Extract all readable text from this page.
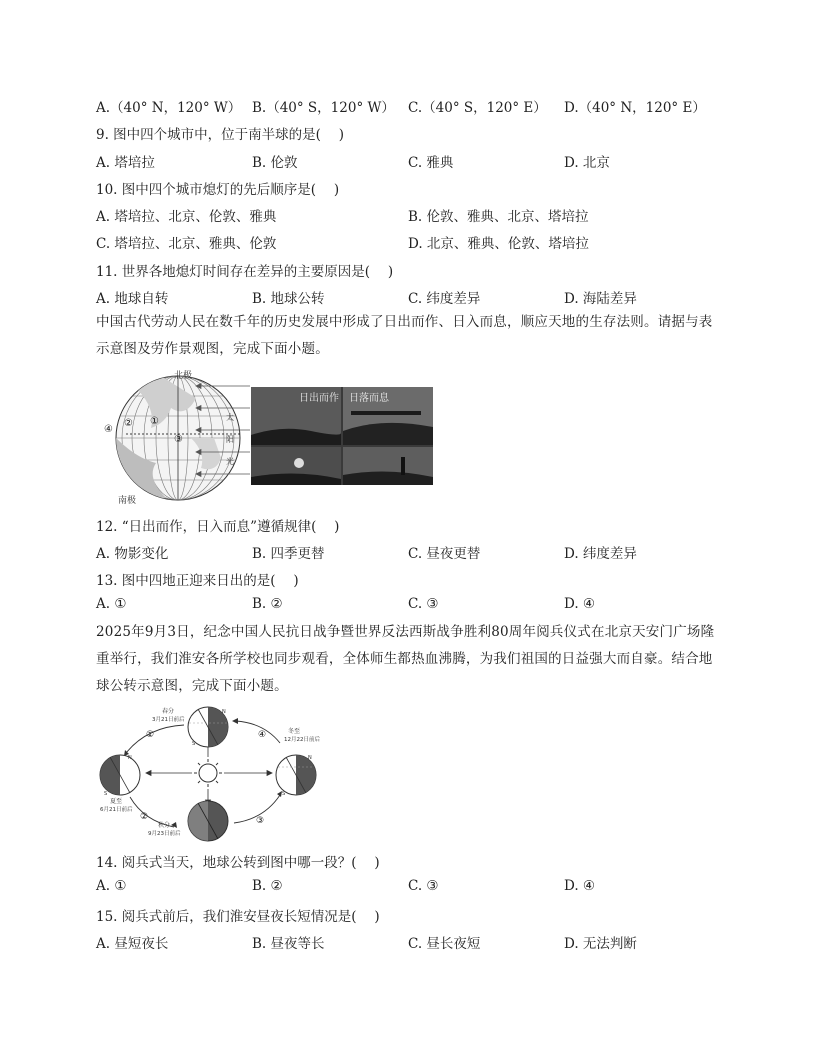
A.（40° N，120° W） B.（40° S，120° W） C.（40° S，120° E） D.（40° N，120° E）
9. 图中四个城市中，位于南半球的是(　 )
A. 塔培拉	B. 伦敦	C. 雅典	D. 北京
10. 图中四个城市熄灯的先后顺序是(　 )
A. 塔培拉、北京、伦敦、雅典	B. 伦敦、雅典、北京、塔培拉
C. 塔培拉、北京、雅典、伦敦	D. 北京、雅典、伦敦、塔培拉
11. 世界各地熄灯时间存在差异的主要原因是(　 )
A. 地球自转	B. 地球公转	C. 纬度差异	D. 海陆差异
中国古代劳动人民在数千年的历史发展中形成了日出而作、日入而息，顺应天地的生存法则。请据与表示意图及劳作景观图，完成下面小题。
北极
南极
①
②
③
④
太
阳
光
日出而作　日落而息
12. “日出而作，日入而息”遵循规律(　 )
A. 物影变化	B. 四季更替	C. 昼夜更替	D. 纬度差异
13. 图中四地正迎来日出的是(　 )
A. ①	B. ②	C. ③	D. ④
2025年9月3日，纪念中国人民抗日战争暨世界反法西斯战争胜利80周年阅兵仪式在北京天安门广场隆重举行，我们淮安各所学校也同步观看，全体师生都热血沸腾，为我们祖国的日益强大而自豪。结合地球公转示意图，完成下面小题。
春分
3月21日前后
冬至
12月22日前后
夏至
6月21日前后
秋分
9月23日前后
①
②	③
④
N
S
N
S
N
S
14. 阅兵式当天，地球公转到图中哪一段？(　 )
A. ①	B. ②	C. ③	D. ④
15. 阅兵式前后，我们淮安昼夜长短情况是(　 )
A. 昼短夜长	B. 昼夜等长	C. 昼长夜短	D. 无法判断
